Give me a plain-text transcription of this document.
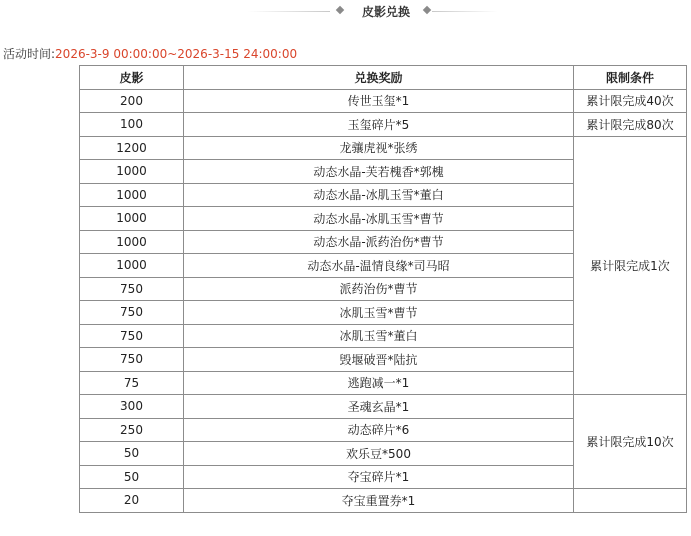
皮影兑换
活动时间:2026-3-9 00:00:00~2026-3-15 24:00:00
皮影	兑换奖励	限制条件
200	传世玉玺*1	累计限完成40次
100	玉玺碎片*5	累计限完成80次
1200	龙骧虎视*张绣	累计限完成1次
1000	动态水晶-芙若槐香*郭槐	
1000	动态水晶-冰肌玉雪*董白	
1000	动态水晶-冰肌玉雪*曹节	
1000	动态水晶-派药治伤*曹节	
1000	动态水晶-温情良缘*司马昭	
750	派药治伤*曹节	
750	冰肌玉雪*曹节	
750	冰肌玉雪*董白	
750	毁堰破晋*陆抗	
75	逃跑减一*1	
300	圣魂玄晶*1	累计限完成10次
250	动态碎片*6	
50	欢乐豆*500	
50	夺宝碎片*1	
20	夺宝重置券*1	
